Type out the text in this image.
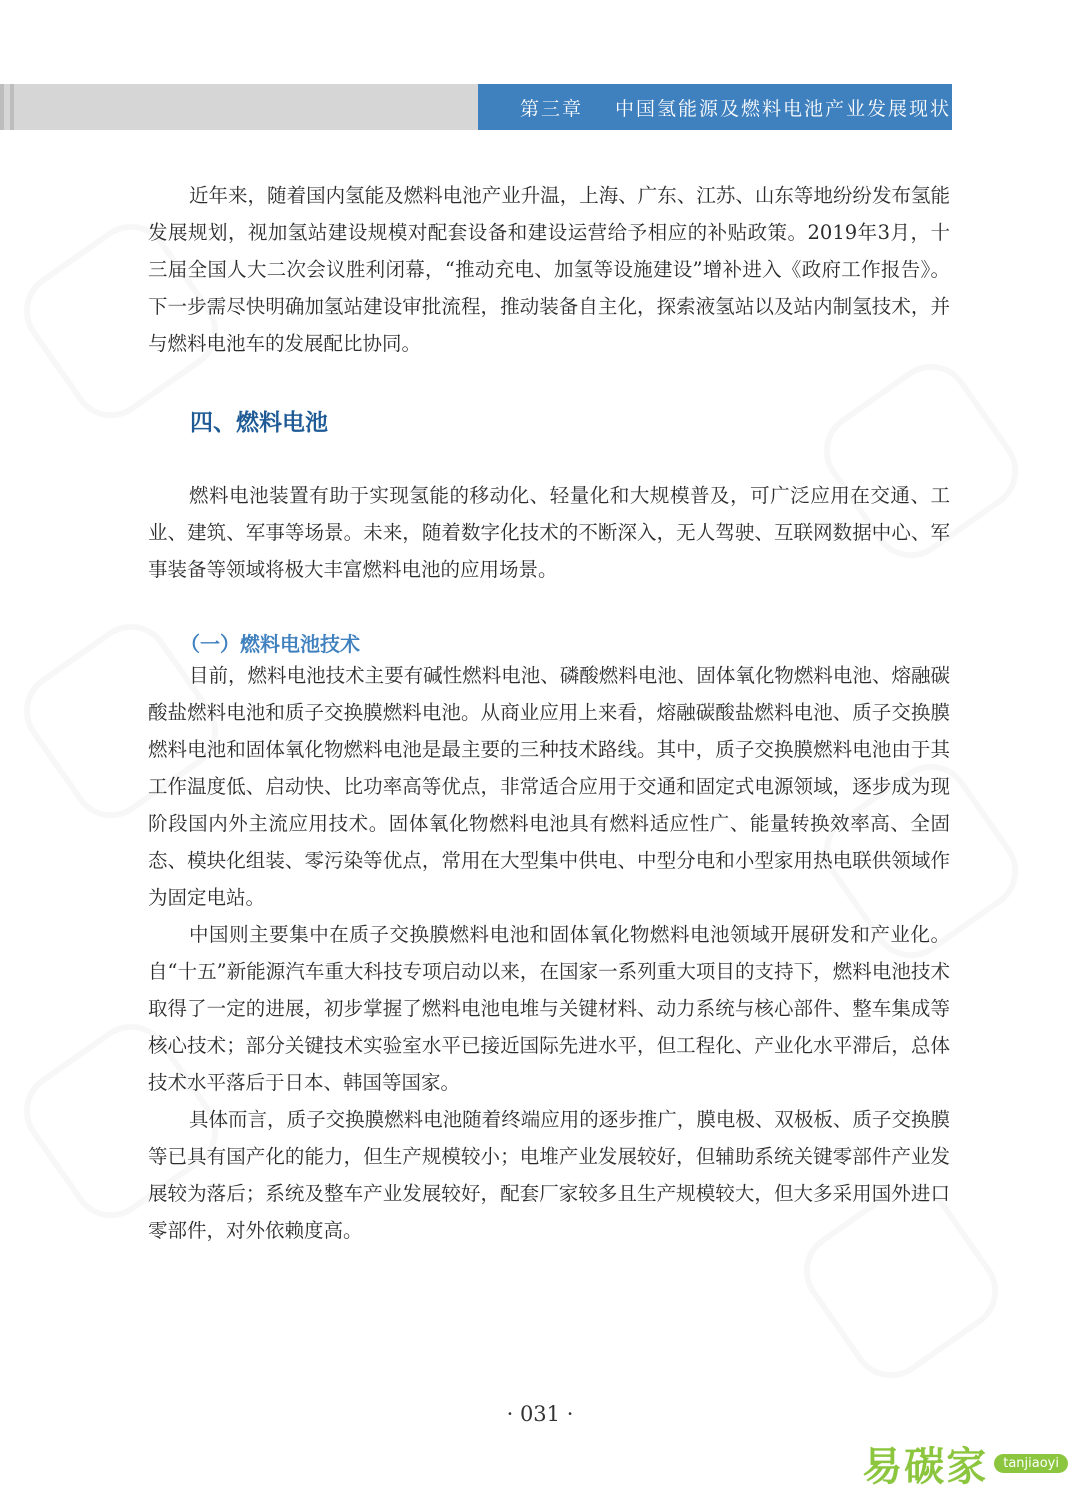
第三章 中国氢能源及燃料电池产业发展现状

近年来，随着国内氢能及燃料电池产业升温，上海、广东、江苏、山东等地纷纷发布氢能发展规划，视加氢站建设规模对配套设备和建设运营给予相应的补贴政策。2019年3月，十三届全国人大二次会议胜利闭幕，“推动充电、加氢等设施建设”增补进入《政府工作报告》。下一步需尽快明确加氢站建设审批流程，推动装备自主化，探索液氢站以及站内制氢技术，并与燃料电池车的发展配比协同。

四、燃料电池

燃料电池装置有助于实现氢能的移动化、轻量化和大规模普及，可广泛应用在交通、工业、建筑、军事等场景。未来，随着数字化技术的不断深入，无人驾驶、互联网数据中心、军事装备等领域将极大丰富燃料电池的应用场景。

（一）燃料电池技术

目前，燃料电池技术主要有碱性燃料电池、磷酸燃料电池、固体氧化物燃料电池、熔融碳酸盐燃料电池和质子交换膜燃料电池。从商业应用上来看，熔融碳酸盐燃料电池、质子交换膜燃料电池和固体氧化物燃料电池是最主要的三种技术路线。其中，质子交换膜燃料电池由于其工作温度低、启动快、比功率高等优点，非常适合应用于交通和固定式电源领域，逐步成为现阶段国内外主流应用技术。固体氧化物燃料电池具有燃料适应性广、能量转换效率高、全固态、模块化组装、零污染等优点，常用在大型集中供电、中型分电和小型家用热电联供领域作为固定电站。

中国则主要集中在质子交换膜燃料电池和固体氧化物燃料电池领域开展研发和产业化。自“十五”新能源汽车重大科技专项启动以来，在国家一系列重大项目的支持下，燃料电池技术取得了一定的进展，初步掌握了燃料电池电堆与关键材料、动力系统与核心部件、整车集成等核心技术；部分关键技术实验室水平已接近国际先进水平，但工程化、产业化水平滞后，总体技术水平落后于日本、韩国等国家。

具体而言，质子交换膜燃料电池随着终端应用的逐步推广，膜电极、双极板、质子交换膜等已具有国产化的能力，但生产规模较小；电堆产业发展较好，但辅助系统关键零部件产业发展较为落后；系统及整车产业发展较好，配套厂家较多且生产规模较大，但大多采用国外进口零部件，对外依赖度高。

· 031 ·
易碳家	tanjiaoyi
